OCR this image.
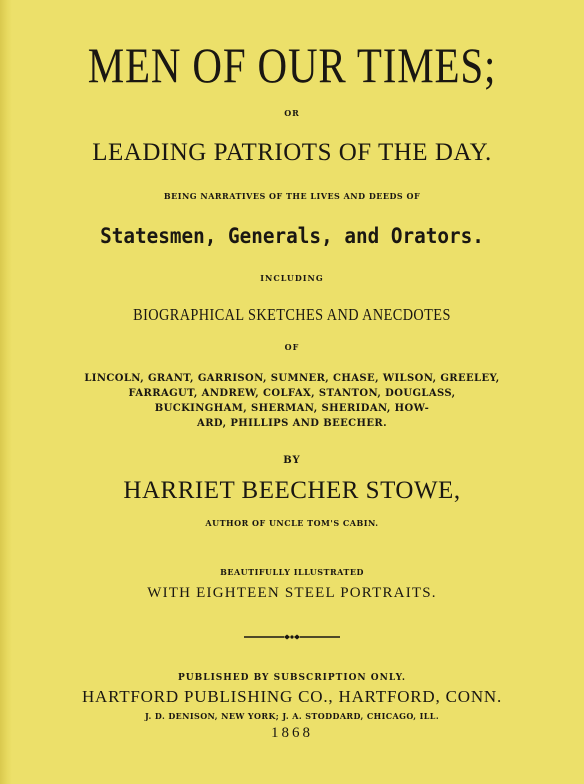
MEN OF OUR TIMES;
OR
LEADING PATRIOTS OF THE DAY.
BEING NARRATIVES OF THE LIVES AND DEEDS OF
Statesmen, Generals, and Orators.
INCLUDING
BIOGRAPHICAL SKETCHES AND ANECDOTES
OF
LINCOLN, GRANT, GARRISON, SUMNER, CHASE, WILSON, GREELEY,
FARRAGUT, ANDREW, COLFAX, STANTON, DOUGLASS,
BUCKINGHAM, SHERMAN, SHERIDAN, HOW-
ARD, PHILLIPS AND BEECHER.
BY
HARRIET BEECHER STOWE,
AUTHOR OF UNCLE TOM'S CABIN.
BEAUTIFULLY ILLUSTRATED
WITH EIGHTEEN STEEL PORTRAITS.
PUBLISHED BY SUBSCRIPTION ONLY.
HARTFORD PUBLISHING CO., HARTFORD, CONN.
J. D. DENISON, NEW YORK; J. A. STODDARD, CHICAGO, ILL.
1868
